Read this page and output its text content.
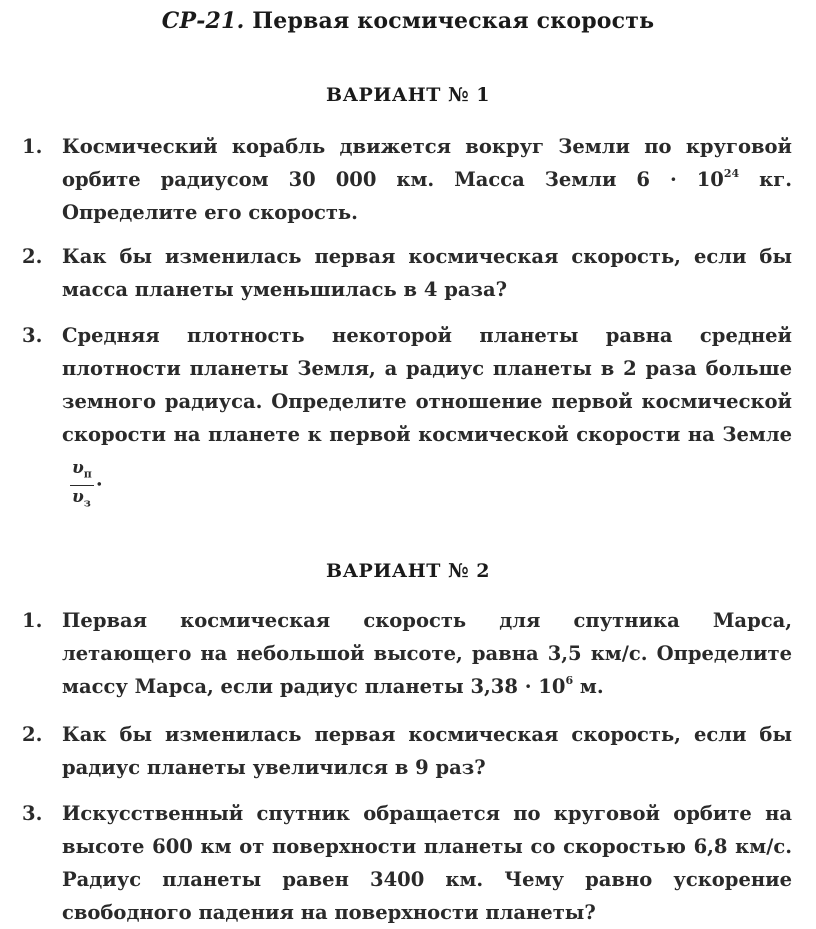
СР-21. Первая космическая скорость
ВАРИАНТ № 1
1.	Космический корабль движется вокруг Земли по круговой орбите радиусом 30 000 км. Масса Земли $6 \cdot 10^{24}$ кг. Определите его скорость.
2.	Как бы изменилась первая космическая скорость, если бы масса планеты уменьшилась в 4 раза?
3.	Средняя плотность некоторой планеты равна средней плотности планеты Земля, а радиус планеты в 2 раза больше земного радиуса. Определите отношение первой космической скорости на планете к первой космической скорости на Земле
$\frac{\upsilon_п}{\upsilon_з}$ .
ВАРИАНТ № 2
1.	Первая космическая скорость для спутника Марса, летающего на небольшой высоте, равна 3,5 км/с. Определите массу Марса, если радиус планеты $3,38 \cdot 10^6$ м.
2.	Как бы изменилась первая космическая скорость, если бы радиус планеты увеличился в 9 раз?
3.	Искусственный спутник обращается по круговой орбите на высоте 600 км от поверхности планеты со скоростью 6,8 км/с. Радиус планеты равен 3400 км. Чему равно ускорение свободного падения на поверхности планеты?
